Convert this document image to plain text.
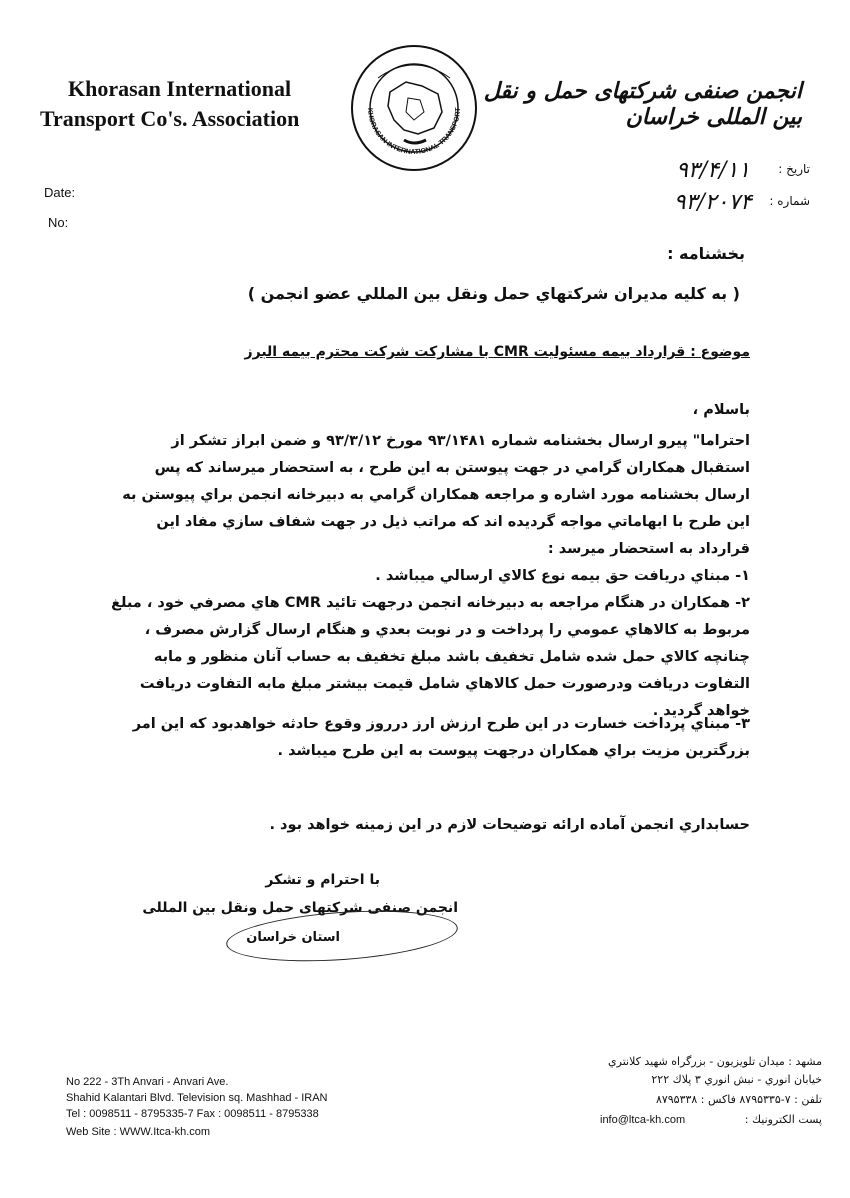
Khorasan International
Transport Co's. Association
Date:
No:
KHORASAN INTERNATIONAL TRANSPORT
انجمن صنفی شرکتهای حمل و نقل بین المللی خراسان
تاریخ :
شماره :
۹۳/۴/۱۱
۹۳/۲۰۷۴
بخشنامه :
( به كليه مديران شركتهاي حمل ونقل بين المللي عضو انجمن )
موضوع : قرارداد بيمه مسئوليت CMR با مشاركت شركت محترم بيمه البرز
باسلام ،
احتراما" پيرو ارسال بخشنامه شماره ۹۳/۱۴۸۱ مورخ ۹۳/۳/۱۲ و ضمن ابراز تشكر از استقبال همكاران گرامي در جهت پيوستن به اين طرح ، به استحضار ميرساند كه پس ارسال بخشنامه مورد اشاره و مراجعه همكاران گرامي به دبيرخانه انجمن براي پيوستن به اين طرح با ابهاماتي مواجه گرديده اند كه مراتب ذيل در جهت شفاف سازي مفاد اين قرارداد به استحضار ميرسد :
۱- مبناي دريافت حق بيمه نوع كالاي ارسالي ميباشد .
۲- همكاران در هنگام مراجعه به دبيرخانه انجمن درجهت تائيد CMR هاي مصرفي خود ، مبلغ مربوط به كالاهاي عمومي را پرداخت و در نوبت بعدي و هنگام ارسال گزارش مصرف ، چنانچه كالاي حمل شده شامل تخفيف باشد مبلغ تخفيف به حساب آنان منظور و مابه التفاوت دريافت ودرصورت حمل كالاهاي شامل قيمت بيشتر مبلغ مابه التفاوت دريافت خواهد گرديد .
۳- مبناي پرداخت خسارت در اين طرح ارزش ارز درروز وقوع حادثه خواهدبود كه اين امر بزرگترين مزيت براي همكاران درجهت پيوست به اين طرح ميباشد .
حسابداري انجمن آماده ارائه توضيحات لازم در اين زمينه خواهد بود .
با احترام و تشكر
انجمن صنفی شرکتهای حمل ونقل بین المللی
استان خراسان
No 222 - 3Th Anvari - Anvari Ave.
Shahid Kalantari Blvd. Television sq. Mashhad - IRAN
Tel : 0098511 - 8795335-7 Fax : 0098511 - 8795338
Web Site : WWW.Itca-kh.com
مشهد : ميدان تلويزيون - بزرگراه شهيد كلانتري
خيابان انوري - نبش انوري ۳ پلاك ۲۲۲
تلفن : ۷-۸۷۹۵۳۳۵ فاكس : ۸۷۹۵۳۳۸
پست الكترونيك :
info@ltca-kh.com
